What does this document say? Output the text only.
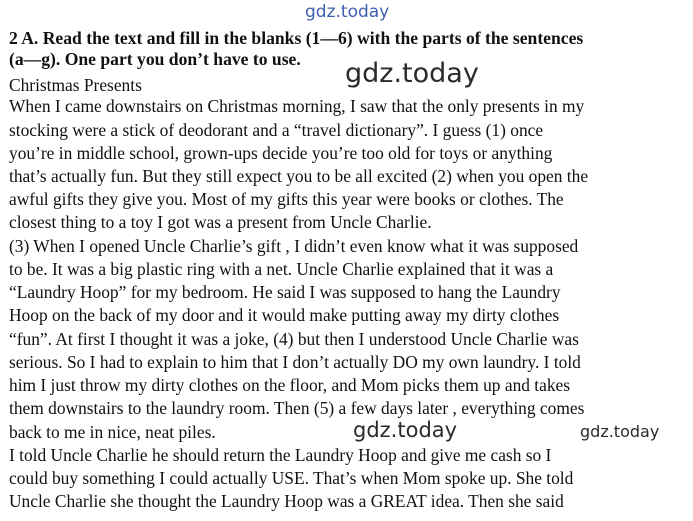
gdz.today
2 A. Read the text and fill in the blanks (1—6) with the parts of the sentences
(a—g). One part you don’t have to use.
Christmas Presents
When I came downstairs on Christmas morning, I saw that the only presents in my
stocking were a stick of deodorant and a “travel dictionary”. I guess (1) once
you’re in middle school, grown-ups decide you’re too old for toys or anything
that’s actually fun. But they still expect you to be all excited (2) when you open the
awful gifts they give you. Most of my gifts this year were books or clothes. The
closest thing to a toy I got was a present from Uncle Charlie.
(3) When I opened Uncle Charlie’s gift , I didn’t even know what it was supposed
to be. It was a big plastic ring with a net. Uncle Charlie explained that it was a
“Laundry Hoop” for my bedroom. He said I was supposed to hang the Laundry
Hoop on the back of my door and it would make putting away my dirty clothes
“fun”. At first I thought it was a joke, (4) but then I understood Uncle Charlie was
serious. So I had to explain to him that I don’t actually DO my own laundry. I told
him I just throw my dirty clothes on the floor, and Mom picks them up and takes
them downstairs to the laundry room. Then (5) a few days later , everything comes
back to me in nice, neat piles.
I told Uncle Charlie he should return the Laundry Hoop and give me cash so I
could buy something I could actually USE. That’s when Mom spoke up. She told
Uncle Charlie she thought the Laundry Hoop was a GREAT idea. Then she said
gdz.today
gdz.today	gdz.today
